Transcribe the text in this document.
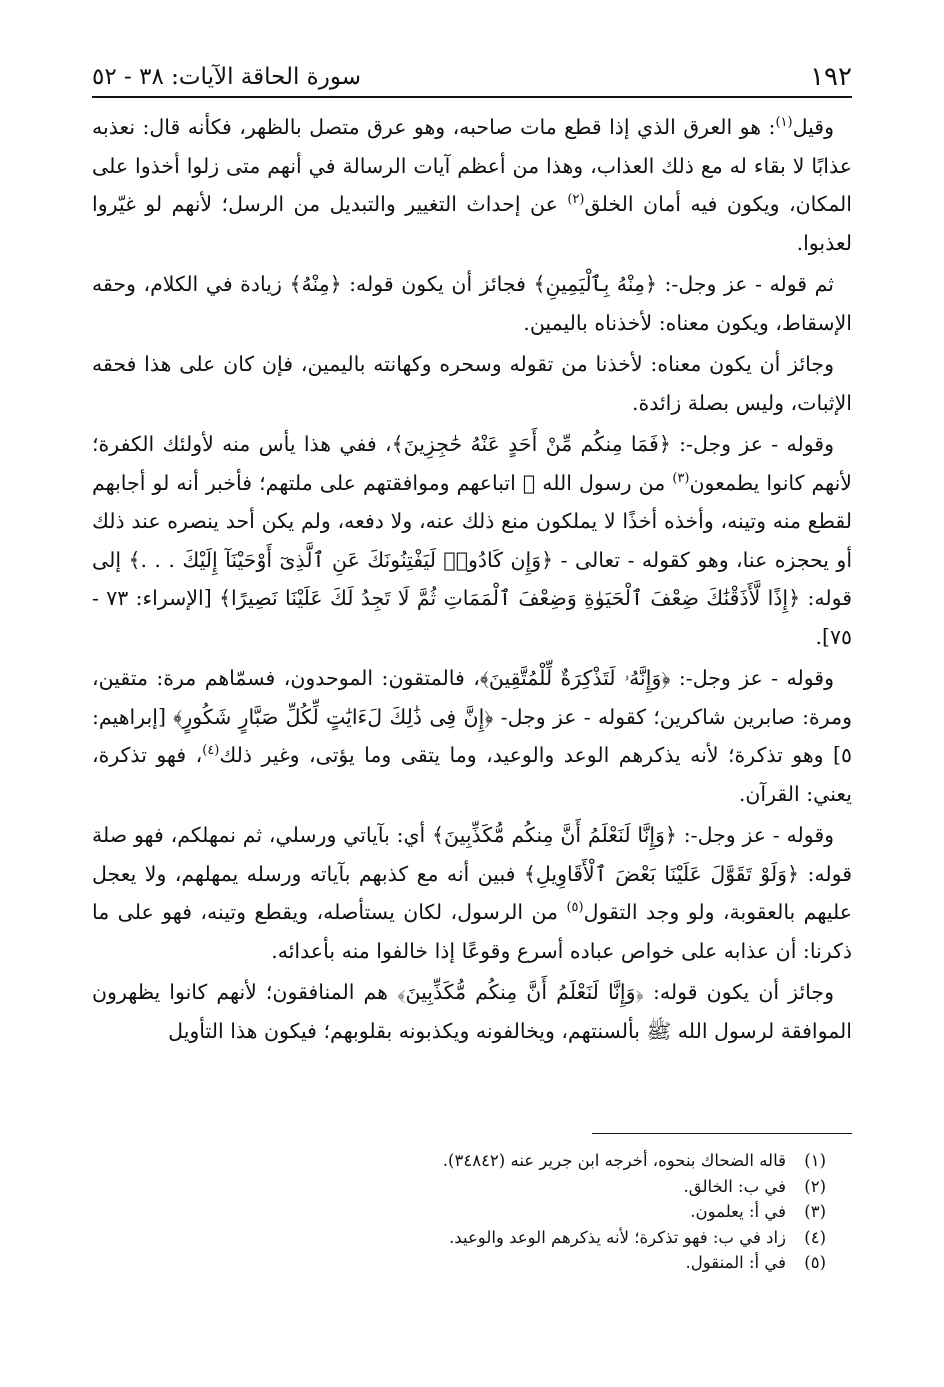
١٩٢
سورة الحاقة الآيات: ٣٨ - ٥٢

وقيل$^{(١)}$: هو العرق الذي إذا قطع مات صاحبه، وهو عرق متصل بالظهر، فكأنه قال: نعذبه عذابًا لا بقاء له مع ذلك العذاب، وهذا من أعظم آيات الرسالة في أنهم متى زلوا أخذوا على المكان، ويكون فيه أمان الخلق$^{(٢)}$ عن إحداث التغيير والتبديل من الرسل؛ لأنهم لو غيّروا لعذبوا.

ثم قوله - عز وجل-: ﴿مِنْهُ بِٱلْيَمِينِ﴾ فجائز أن يكون قوله: ﴿مِنْهُ﴾ زيادة في الكلام، وحقه الإسقاط، ويكون معناه: لأخذناه باليمين.

وجائز أن يكون معناه: لأخذنا من تقوله وسحره وكهانته باليمين، فإن كان على هذا فحقه الإثبات، وليس بصلة زائدة.

وقوله - عز وجل-: ﴿فَمَا مِنكُم مِّنْ أَحَدٍ عَنْهُ حَٰجِزِينَ﴾، ففي هذا يأس منه لأولئك الكفرة؛ لأنهم كانوا يطمعون$^{(٣)}$ من رسول الله ﷺ اتباعهم وموافقتهم على ملتهم؛ فأخبر أنه لو أجابهم لقطع منه وتينه، وأخذه أخذًا لا يملكون منع ذلك عنه، ولا دفعه، ولم يكن أحد ينصره عند ذلك أو يحجزه عنا، وهو كقوله - تعالى - ﴿وَإِن كَادُوا۟ لَيَفْتِنُونَكَ عَنِ ٱلَّذِىٓ أَوْحَيْنَآ إِلَيْكَ . . .﴾ إلى قوله: ﴿إِذًا لَّأَذَقْنَٰكَ ضِعْفَ ٱلْحَيَوٰةِ وَضِعْفَ ٱلْمَمَاتِ ثُمَّ لَا تَجِدُ لَكَ عَلَيْنَا نَصِيرًا﴾ [الإسراء: ٧٣ - ٧٥].

وقوله - عز وجل-: ﴿وَإِنَّهُۥ لَتَذْكِرَةٌ لِّلْمُتَّقِينَ﴾، فالمتقون: الموحدون، فسمّاهم مرة: متقين، ومرة: صابرين شاكرين؛ كقوله - عز وجل- ﴿إِنَّ فِى ذَٰلِكَ لَءَايَٰتٍ لِّكُلِّ صَبَّارٍ شَكُورٍ﴾ [إبراهيم: ٥] وهو تذكرة؛ لأنه يذكرهم الوعد والوعيد، وما يتقى وما يؤتى، وغير ذلك$^{(٤)}$، فهو تذكرة، يعني: القرآن.

وقوله - عز وجل-: ﴿وَإِنَّا لَنَعْلَمُ أَنَّ مِنكُم مُّكَذِّبِينَ﴾ أي: بآياتي ورسلي، ثم نمهلكم، فهو صلة قوله: ﴿وَلَوْ تَقَوَّلَ عَلَيْنَا بَعْضَ ٱلْأَقَاوِيلِ﴾ فبين أنه مع كذبهم بآياته ورسله يمهلهم، ولا يعجل عليهم بالعقوبة، ولو وجد التقول$^{(٥)}$ من الرسول، لكان يستأصله، ويقطع وتينه، فهو على ما ذكرنا: أن عذابه على خواص عباده أسرع وقوعًا إذا خالفوا منه بأعدائه.

وجائز أن يكون قوله: ﴿وَإِنَّا لَنَعْلَمُ أَنَّ مِنكُم مُّكَذِّبِينَ﴾ هم المنافقون؛ لأنهم كانوا يظهرون الموافقة لرسول الله ﷺ بألسنتهم، ويخالفونه ويكذبونه بقلوبهم؛ فيكون هذا التأويل

(١)
قاله الضحاك بنحوه، أخرجه ابن جرير عنه (٣٤٨٤٢).
(٢)
في ب: الخالق.
(٣)
في أ: يعلمون.
(٤)
زاد في ب: فهو تذكرة؛ لأنه يذكرهم الوعد والوعيد.
(٥)
في أ: المنقول.
